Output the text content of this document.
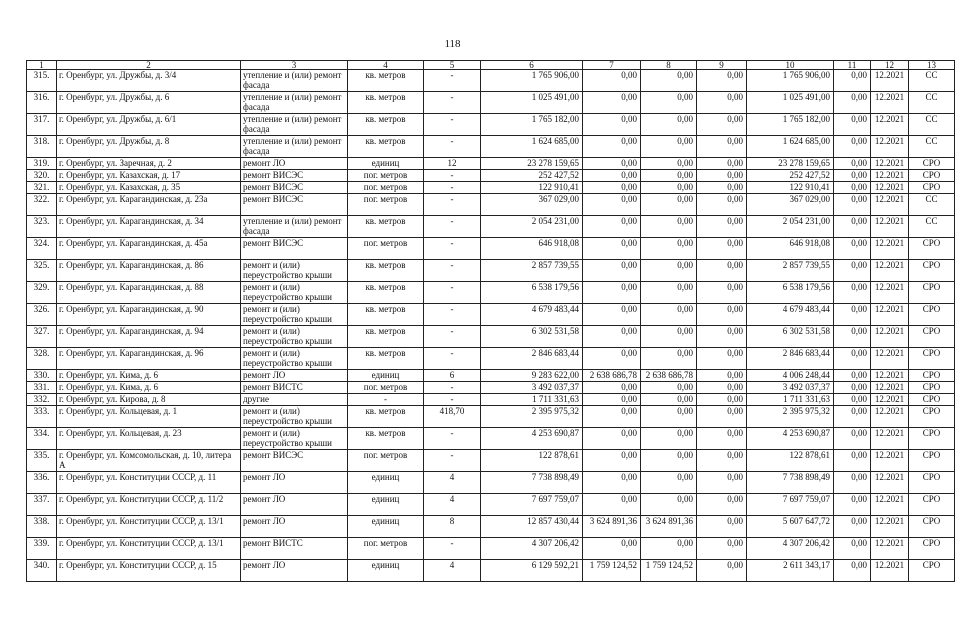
118
1	2	3	4	5	6	7	8	9	10	11	12	13
315.	г. Оренбург, ул. Дружбы, д. 3/4	утепление и (или) ремонт фасада	кв. метров	-	1 765 906,00	0,00	0,00	0,00	1 765 906,00	0,00	12.2021	СС
316.	г. Оренбург, ул. Дружбы, д. 6	утепление и (или) ремонт фасада	кв. метров	-	1 025 491,00	0,00	0,00	0,00	1 025 491,00	0,00	12.2021	СС
317.	г. Оренбург, ул. Дружбы, д. 6/1	утепление и (или) ремонт фасада	кв. метров	-	1 765 182,00	0,00	0,00	0,00	1 765 182,00	0,00	12.2021	СС
318.	г. Оренбург, ул. Дружбы, д. 8	утепление и (или) ремонт фасада	кв. метров	-	1 624 685,00	0,00	0,00	0,00	1 624 685,00	0,00	12.2021	СС
319.	г. Оренбург, ул. Заречная, д. 2	ремонт ЛО	единиц	12	23 278 159,65	0,00	0,00	0,00	23 278 159,65	0,00	12.2021	СРО
320.	г. Оренбург, ул. Казахская, д. 17	ремонт ВИСЭС	пог. метров	-	252 427,52	0,00	0,00	0,00	252 427,52	0,00	12.2021	СРО
321.	г. Оренбург, ул. Казахская, д. 35	ремонт ВИСЭС	пог. метров	-	122 910,41	0,00	0,00	0,00	122 910,41	0,00	12.2021	СРО
322.	г. Оренбург, ул. Карагандинская, д. 23а	ремонт ВИСЭС	пог. метров	-	367 029,00	0,00	0,00	0,00	367 029,00	0,00	12.2021	СС
323.	г. Оренбург, ул. Карагандинская, д. 34	утепление и (или) ремонт фасада	кв. метров	-	2 054 231,00	0,00	0,00	0,00	2 054 231,00	0,00	12.2021	СС
324.	г. Оренбург, ул. Карагандинская, д. 45а	ремонт ВИСЭС	пог. метров	-	646 918,08	0,00	0,00	0,00	646 918,08	0,00	12.2021	СРО
325.	г. Оренбург, ул. Карагандинская, д. 86	ремонт и (или) переустройство крыши	кв. метров	-	2 857 739,55	0,00	0,00	0,00	2 857 739,55	0,00	12.2021	СРО
329.	г. Оренбург, ул. Карагандинская, д. 88	ремонт и (или) переустройство крыши	кв. метров	-	6 538 179,56	0,00	0,00	0,00	6 538 179,56	0,00	12.2021	СРО
326.	г. Оренбург, ул. Карагандинская, д. 90	ремонт и (или) переустройство крыши	кв. метров	-	4 679 483,44	0,00	0,00	0,00	4 679 483,44	0,00	12.2021	СРО
327.	г. Оренбург, ул. Карагандинская, д. 94	ремонт и (или) переустройство крыши	кв. метров	-	6 302 531,58	0,00	0,00	0,00	6 302 531,58	0,00	12.2021	СРО
328.	г. Оренбург, ул. Карагандинская, д. 96	ремонт и (или) переустройство крыши	кв. метров	-	2 846 683,44	0,00	0,00	0,00	2 846 683,44	0,00	12.2021	СРО
330.	г. Оренбург, ул. Кима, д. 6	ремонт ЛО	единиц	6	9 283 622,00	2 638 686,78	2 638 686,78	0,00	4 006 248,44	0,00	12.2021	СРО
331.	г. Оренбург, ул. Кима, д. 6	ремонт ВИСТС	пог. метров	-	3 492 037,37	0,00	0,00	0,00	3 492 037,37	0,00	12.2021	СРО
332.	г. Оренбург, ул. Кирова, д. 8	другие	-	-	1 711 331,63	0,00	0,00	0,00	1 711 331,63	0,00	12.2021	СРО
333.	г. Оренбург, ул. Кольцевая, д. 1	ремонт и (или) переустройство крыши	кв. метров	418,70	2 395 975,32	0,00	0,00	0,00	2 395 975,32	0,00	12.2021	СРО
334.	г. Оренбург, ул. Кольцевая, д. 23	ремонт и (или) переустройство крыши	кв. метров	-	4 253 690,87	0,00	0,00	0,00	4 253 690,87	0,00	12.2021	СРО
335.	г. Оренбург, ул. Комсомольская, д. 10, литера А	ремонт ВИСЭС	пог. метров	-	122 878,61	0,00	0,00	0,00	122 878,61	0,00	12.2021	СРО
336.	г. Оренбург, ул. Конституции СССР, д. 11	ремонт ЛО	единиц	4	7 738 898,49	0,00	0,00	0,00	7 738 898,49	0,00	12.2021	СРО
337.	г. Оренбург, ул. Конституции СССР, д. 11/2	ремонт ЛО	единиц	4	7 697 759,07	0,00	0,00	0,00	7 697 759,07	0,00	12.2021	СРО
338.	г. Оренбург, ул. Конституции СССР, д. 13/1	ремонт ЛО	единиц	8	12 857 430,44	3 624 891,36	3 624 891,36	0,00	5 607 647,72	0,00	12.2021	СРО
339.	г. Оренбург, ул. Конституции СССР, д. 13/1	ремонт ВИСТС	пог. метров	-	4 307 206,42	0,00	0,00	0,00	4 307 206,42	0,00	12.2021	СРО
340.	г. Оренбург, ул. Конституции СССР, д. 15	ремонт ЛО	единиц	4	6 129 592,21	1 759 124,52	1 759 124,52	0,00	2 611 343,17	0,00	12.2021	СРО
